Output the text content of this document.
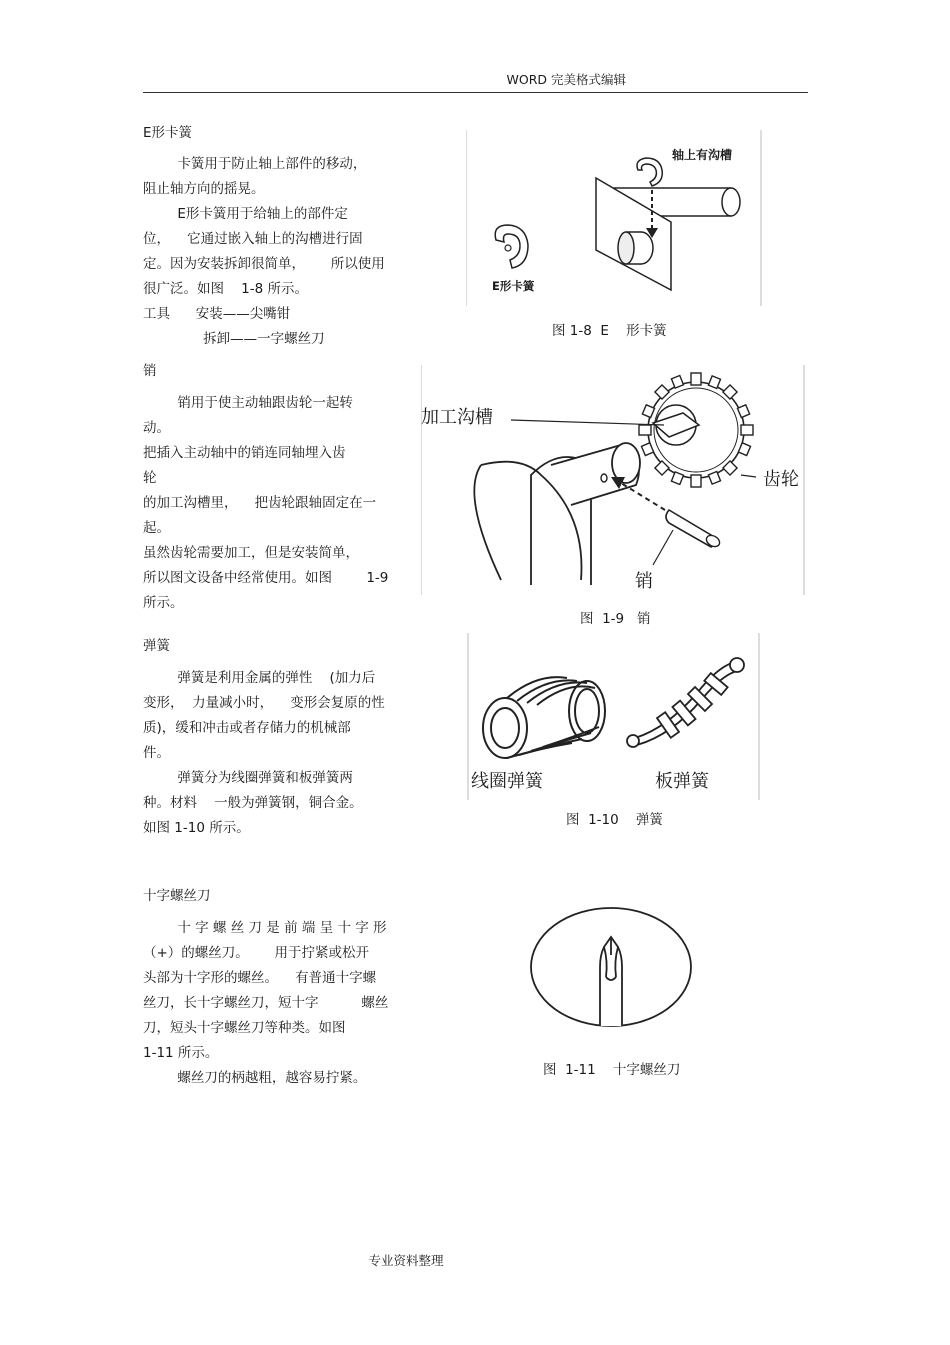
WORD 完美格式编辑
E形卡簧
卡簧用于防止轴上部件的移动，
阻止轴方向的摇晃。
E形卡簧用于给轴上的部件定
位，    它通过嵌入轴上的沟槽进行固
定。因为安装拆卸很简单，      所以使用
很广泛。如图    1-8 所示。
工具      安装——尖嘴钳
拆卸——一字螺丝刀
轴上有沟槽
E形卡簧
图 1-8  E    形卡簧
销
销用于使主动轴跟齿轮一起转
动。
把插入主动轴中的销连同轴埋入齿
轮
的加工沟槽里，    把齿轮跟轴固定在一
起。
虽然齿轮需要加工，但是安装简单，
所以图文设备中经常使用。如图        1-9
所示。
加工沟槽
齿轮
销
图  1-9   销
弹簧
弹簧是利用金属的弹性    (加力后
变形，  力量减小时，    变形会复原的性
质)，缓和冲击或者存储力的机械部
件。
弹簧分为线圈弹簧和板弹簧两
种。材料    一般为弹簧钢，铜合金。
如图 1-10 所示。
线圈弹簧	板弹簧
图  1-10    弹簧
十字螺丝刀
十 字 螺 丝 刀 是 前 端 呈 十 字 形
（+）的螺丝刀。      用于拧紧或松开
头部为十字形的螺丝。    有普通十字螺
丝刀，长十字螺丝刀，短十字          螺丝
刀，短头十字螺丝刀等种类。如图
1-11 所示。
螺丝刀的柄越粗，越容易拧紧。	图  1-11    十字螺丝刀
专业资料整理
